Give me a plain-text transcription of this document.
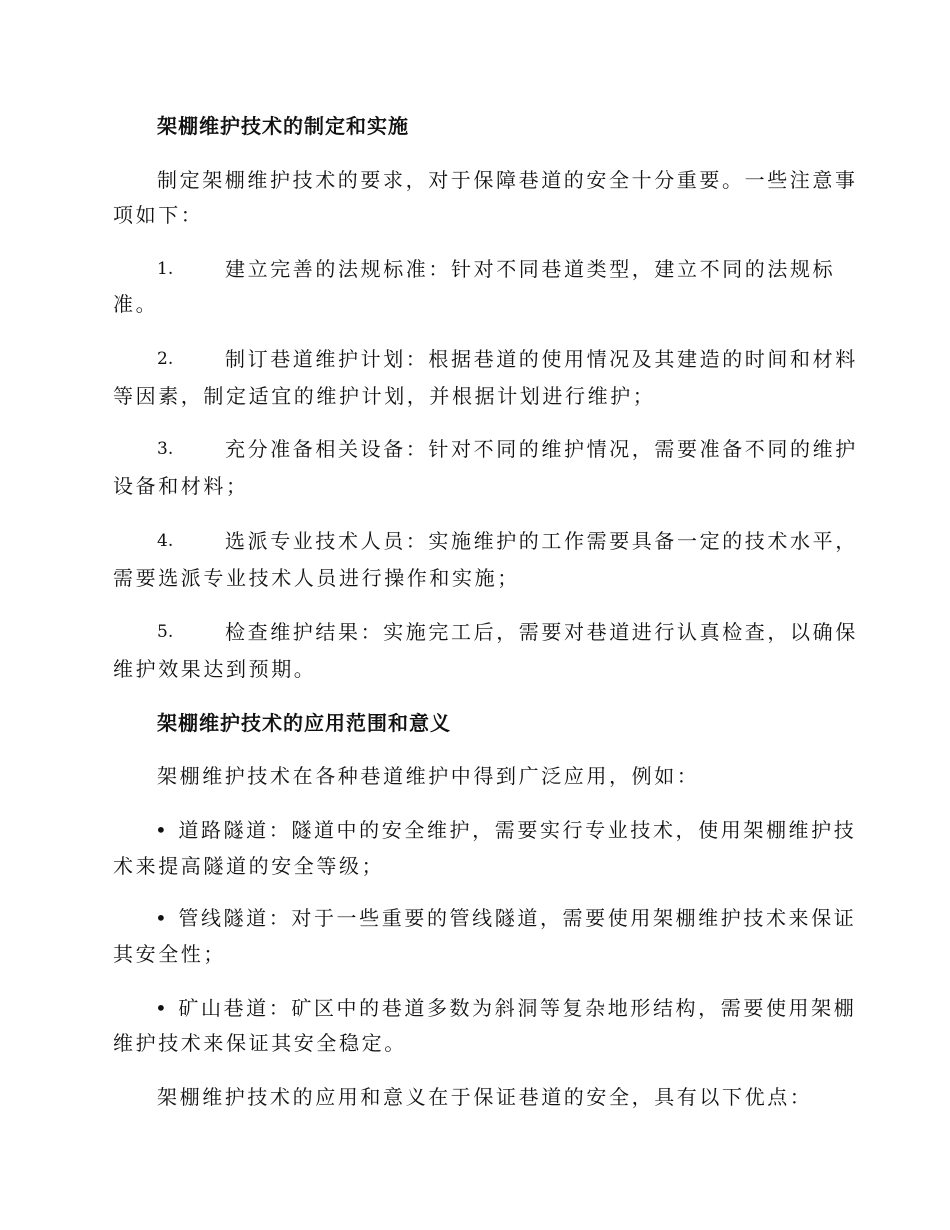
架棚维护技术的制定和实施
制定架棚维护技术的要求，对于保障巷道的安全十分重要。一些注意事
项如下：
1.	建立完善的法规标准：针对不同巷道类型，建立不同的法规标
准。
2.	制订巷道维护计划：根据巷道的使用情况及其建造的时间和材料
等因素，制定适宜的维护计划，并根据计划进行维护；
3.	充分准备相关设备：针对不同的维护情况，需要准备不同的维护
设备和材料；
4.	选派专业技术人员：实施维护的工作需要具备一定的技术水平，
需要选派专业技术人员进行操作和实施；
5.	检查维护结果：实施完工后，需要对巷道进行认真检查，以确保
维护效果达到预期。
架棚维护技术的应用范围和意义
架棚维护技术在各种巷道维护中得到广泛应用，例如：
• 道路隧道：隧道中的安全维护，需要实行专业技术，使用架棚维护技
术来提高隧道的安全等级；
• 管线隧道：对于一些重要的管线隧道，需要使用架棚维护技术来保证
其安全性；
• 矿山巷道：矿区中的巷道多数为斜洞等复杂地形结构，需要使用架棚
维护技术来保证其安全稳定。
架棚维护技术的应用和意义在于保证巷道的安全，具有以下优点：
